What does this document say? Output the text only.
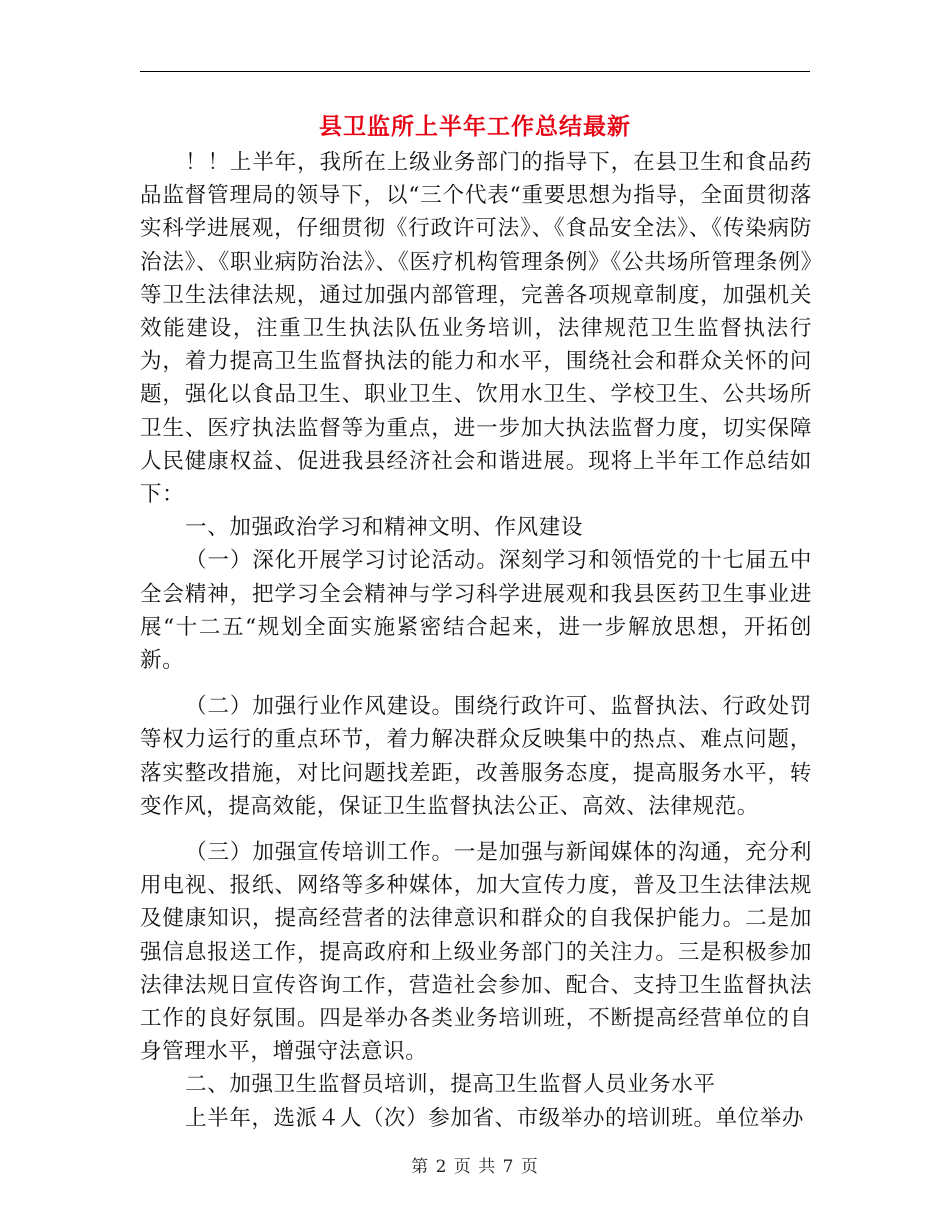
县卫监所上半年工作总结最新

！！上半年，我所在上级业务部门的指导下，在县卫生和食品药品监督管理局的领导下，以“三个代表“重要思想为指导，全面贯彻落实科学进展观，仔细贯彻《行政许可法》、《食品安全法》、《传染病防治法》、《职业病防治法》、《医疗机构管理条例》《公共场所管理条例》等卫生法律法规，通过加强内部管理，完善各项规章制度，加强机关效能建设，注重卫生执法队伍业务培训，法律规范卫生监督执法行为，着力提高卫生监督执法的能力和水平，围绕社会和群众关怀的问题，强化以食品卫生、职业卫生、饮用水卫生、学校卫生、公共场所卫生、医疗执法监督等为重点，进一步加大执法监督力度，切实保障人民健康权益、促进我县经济社会和谐进展。现将上半年工作总结如下：

一、加强政治学习和精神文明、作风建设

（一）深化开展学习讨论活动。深刻学习和领悟党的十七届五中全会精神，把学习全会精神与学习科学进展观和我县医药卫生事业进展“十二五“规划全面实施紧密结合起来，进一步解放思想，开拓创新。

（二）加强行业作风建设。围绕行政许可、监督执法、行政处罚等权力运行的重点环节，着力解决群众反映集中的热点、难点问题，落实整改措施，对比问题找差距，改善服务态度，提高服务水平，转变作风，提高效能，保证卫生监督执法公正、高效、法律规范。

（三）加强宣传培训工作。一是加强与新闻媒体的沟通，充分利用电视、报纸、网络等多种媒体，加大宣传力度，普及卫生法律法规及健康知识，提高经营者的法律意识和群众的自我保护能力。二是加强信息报送工作，提高政府和上级业务部门的关注力。三是积极参加法律法规日宣传咨询工作，营造社会参加、配合、支持卫生监督执法工作的良好氛围。四是举办各类业务培训班，不断提高经营单位的自身管理水平，增强守法意识。

二、加强卫生监督员培训，提高卫生监督人员业务水平

上半年，选派４人（次）参加省、市级举办的培训班。单位举办

第 2 页 共 7 页
